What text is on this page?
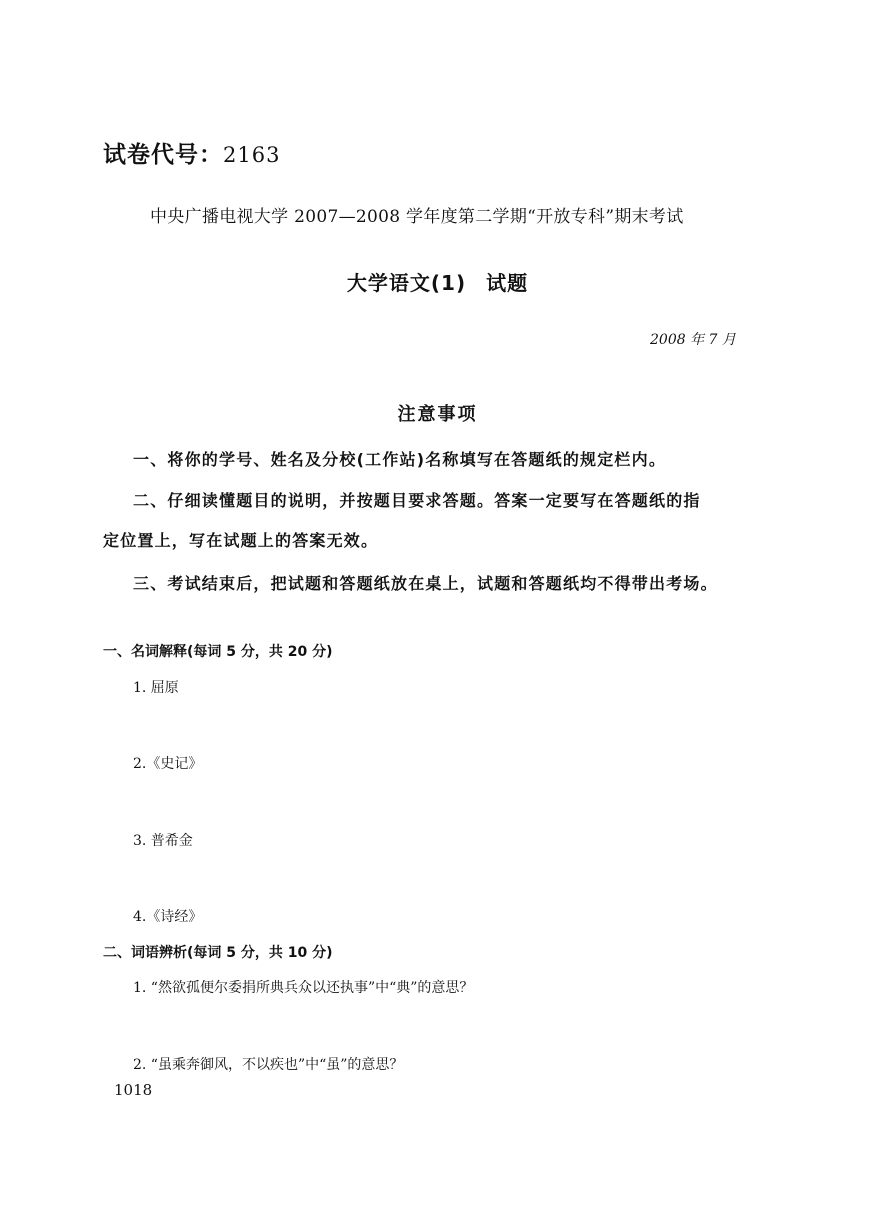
试卷代号：2163
中央广播电视大学 2007—2008 学年度第二学期“开放专科”期末考试
大学语文(1) 试题
2008 年 7 月
注意事项
一、将你的学号、姓名及分校(工作站)名称填写在答题纸的规定栏内。
二、仔细读懂题目的说明，并按题目要求答题。答案一定要写在答题纸的指
定位置上，写在试题上的答案无效。
三、考试结束后，把试题和答题纸放在桌上，试题和答题纸均不得带出考场。
一、名词解释(每词 5 分，共 20 分)
1. 屈原
2.《史记》
3. 普希金
4.《诗经》
二、词语辨析(每词 5 分，共 10 分)
1. “然欲孤便尔委捐所典兵众以还执事”中“典”的意思？
2. “虽乘奔御风，不以疾也”中“虽”的意思？
1018
